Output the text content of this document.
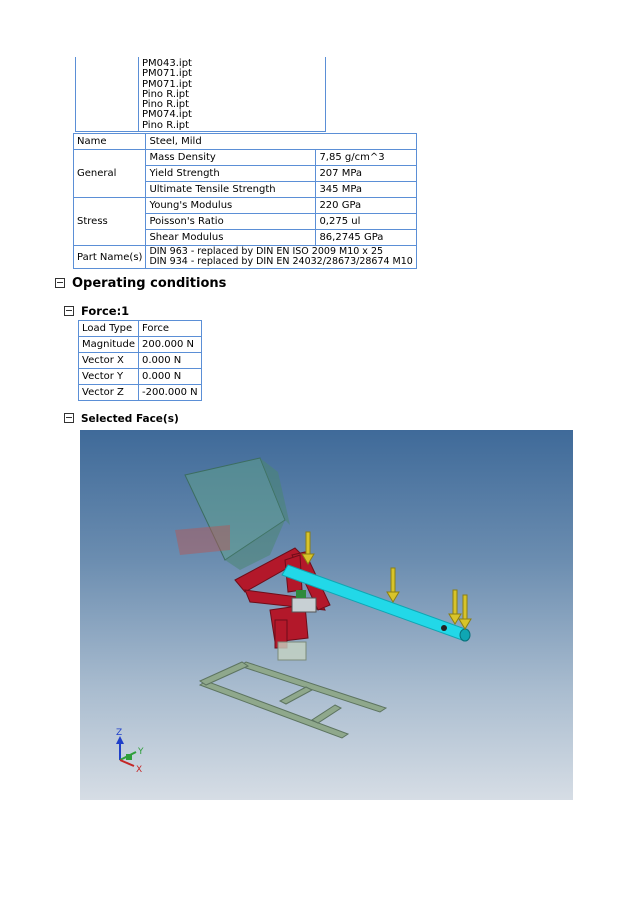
PM043.ipt
PM071.ipt
PM071.ipt
Pino R.ipt
Pino R.ipt
PM074.ipt
Pino R.ipt
Name	Steel, Mild	
General	Mass Density	7,85 g/cm^3
	Yield Strength	207 MPa
	Ultimate Tensile Strength	345 MPa
Stress	Young's Modulus	220 GPa
	Poisson's Ratio	0,275 ul
	Shear Modulus	86,2745 GPa
Part Name(s)	DIN 963 - replaced by DIN EN ISO 2009 M10 x 25
DIN 934 - replaced by DIN EN 24032/28673/28674 M10	
Operating conditions
Force:1
Load Type	Force
Magnitude	200.000 N
Vector X	0.000 N
Vector Y	0.000 N
Vector Z	-200.000 N
Selected Face(s)
Z
Y
X
